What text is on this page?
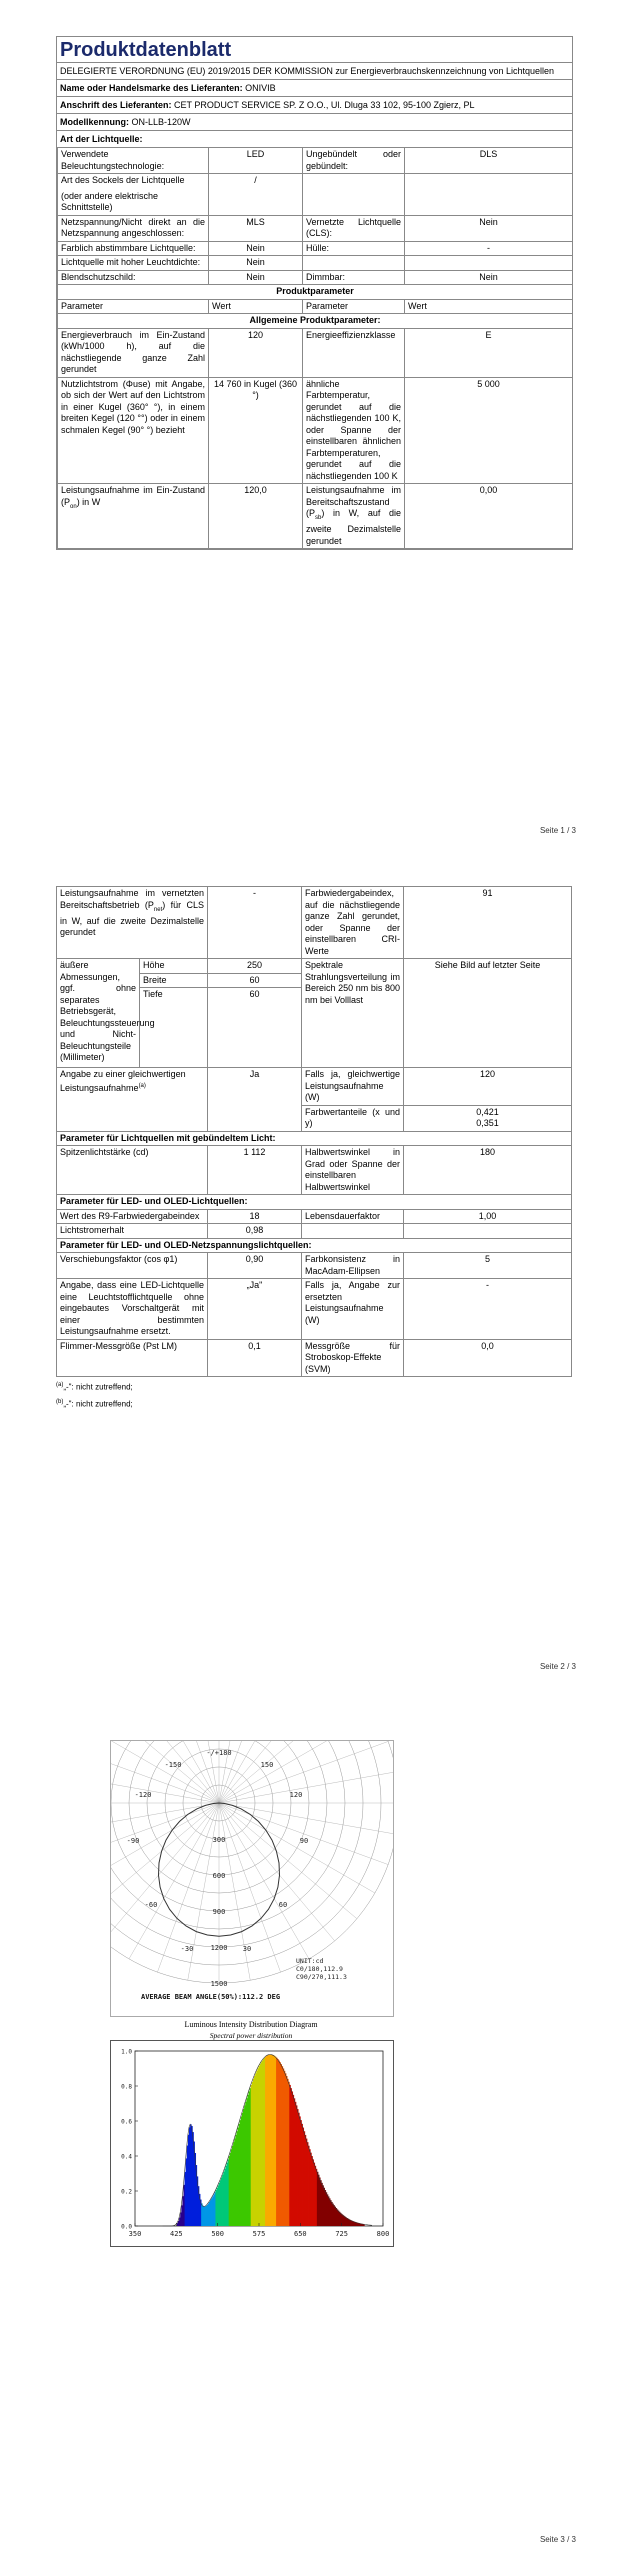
Produktdatenblatt
DELEGIERTE VERORDNUNG (EU) 2019/2015 DER KOMMISSION zur Energieverbrauchskennzeichnung von Lichtquellen
Name oder Handelsmarke des Lieferanten: ONIVIB
Anschrift des Lieferanten: CET PRODUCT SERVICE SP. Z O.O., Ul. Dluga 33 102, 95-100 Zgierz, PL
Modellkennung: ON-LLB-120W
Art der Lichtquelle:
Verwendete Beleuchtungstechnologie:	LED	Ungebündelt oder gebündelt:	DLS

Art des Sockels der Lichtquelle
(oder andere elektrische Schnittstelle)	/		
Netzspannung/Nicht direkt an die Netzspannung angeschlossen:	MLS	Vernetzte Lichtquelle (CLS):	Nein
Farblich abstimmbare Lichtquelle:	Nein	Hülle:	-
Lichtquelle mit hoher Leuchtdichte:	Nein		
Blendschutzschild:	Nein	Dimmbar:	Nein
Produktparameter			
Parameter	Wert	Parameter	Wert
Allgemeine Produktparameter:			
Energieverbrauch im Ein-Zustand (kWh/1000 h), auf die nächstliegende ganze Zahl gerundet	120	Energieeffizienzklasse	E
Nutzlichtstrom (Φuse) mit Angabe, ob sich der Wert auf den Lichtstrom in einer Kugel (360° °), in einem breiten Kegel (120 °°) oder in einem schmalen Kegel (90° °) bezieht	14 760 in Kugel (360 °)	ähnliche Farbtemperatur, gerundet auf die nächstliegenden 100 K, oder Spanne der einstellbaren ähnlichen Farbtemperaturen, gerundet auf die nächstliegenden 100 K	5 000
Leistungsaufnahme im Ein-Zustand $(P_{on})$ in W	120,0	Leistungsaufnahme im Bereitschaftszustand $(P_{sb})$ in W, auf die zweite Dezimalstelle gerundet	0,00
Seite 1 / 3
Leistungsaufnahme im vernetzten Bereitschaftsbetrieb $(P_{net})$ für CLS in W, auf die zweite Dezimalstelle gerundet		-	Farbwiedergabeindex, auf die nächstliegende ganze Zahl gerundet, oder Spanne der einstellbaren CRI-Werte	91
äußere Abmessungen, ggf. ohne separates Betriebsgerät, Beleuchtungssteuerung und Nicht-Beleuchtungsteile (Millimeter)	Höhe	250	Spektrale Strahlungsverteilung im Bereich 250 nm bis 800 nm bei Volllast	Siehe Bild auf letzter Seite
	Breite	60		
	Tiefe	60		
Angabe zu einer gleichwertigen Leistungsaufnahme$^{(a)}$		Ja	Falls ja, gleichwertige Leistungsaufnahme (W)	120
			Farbwertanteile (x und y)	0,421
0,351

Parameter für Lichtquellen mit gebündeltem Licht:				
Spitzenlichtstärke (cd)		1 112	Halbwertswinkel in Grad oder Spanne der einstellbaren Halbwertswinkel	180
Parameter für LED- und OLED-Lichtquellen:				
Wert des R9-Farbwiedergabeindex		18	Lebensdauerfaktor	1,00
Lichtstromerhalt		0,98		
Parameter für LED- und OLED-Netzspannungslichtquellen:				
Verschiebungsfaktor (cos φ1)		0,90	Farbkonsistenz in MacAdam-Ellipsen	5
Angabe, dass eine LED-Lichtquelle eine Leuchtstofflichtquelle ohne eingebautes Vorschaltgerät mit einer bestimmten Leistungsaufnahme ersetzt.		„Ja"	Falls ja, Angabe zur ersetzten Leistungsaufnahme (W)	-
Flimmer-Messgröße (Pst LM)		0,1	Messgröße für Stroboskop-Effekte (SVM)	0,0
$^{(a)}$„-": nicht zutreffend;
$^{(b)}$„-": nicht zutreffend;
Seite 2 / 3
-/+180
-150	150
-120	120
-90	90
-60	60
-30	30
300
600
900
1200
1500
UNIT:cd
C0/180,112.9
C90/270,111.3
AVERAGE BEAM ANGLE(50%):112.2 DEG
Luminous Intensity Distribution Diagram
Spectral power distribution
350	425	500	575	650	725	800
0.0
0.2
0.4
0.6
0.8
1.0
Seite 3 / 3
